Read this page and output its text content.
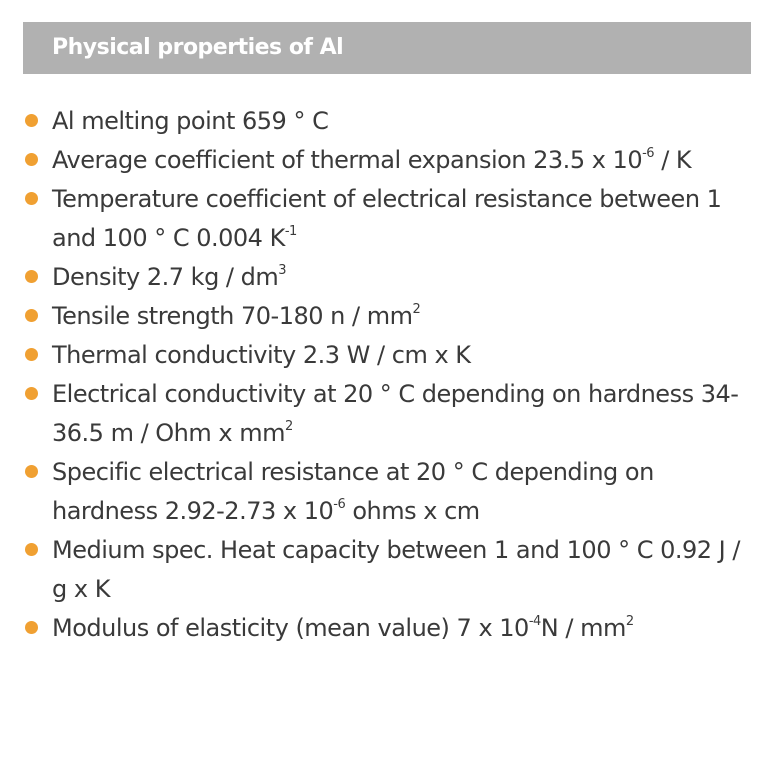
Physical properties of Al
Al melting point 659 ° C
Average coefficient of thermal expansion 23.5 x $10^{-6}$ / K
Temperature coefficient of electrical resistance between 1 and 100 ° C 0.004 $K^{-1}$
Density 2.7 kg / $dm^3$
Tensile strength 70-180 n / $mm^2$
Thermal conductivity 2.3 W / cm x K
Electrical conductivity at 20 ° C depending on hardness 34-36.5 m / Ohm x $mm^2$
Specific electrical resistance at 20 ° C depending on hardness 2.92-2.73 x $10^{-6}$ ohms x cm
Medium spec. Heat capacity between 1 and 100 ° C 0.92 J / g x K
Modulus of elasticity (mean value) 7 x $10^{-4}N / mm^2$
